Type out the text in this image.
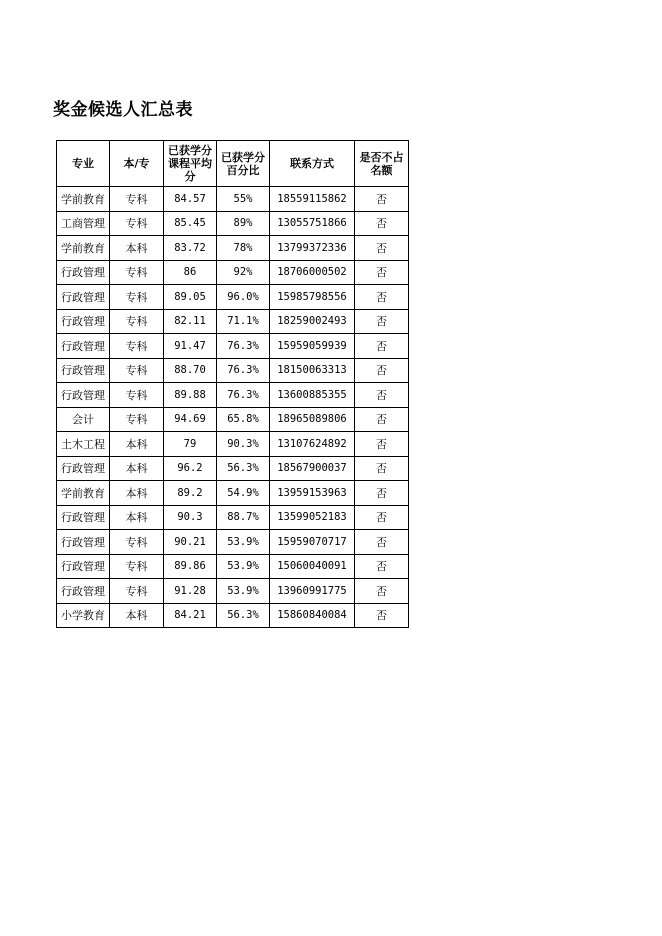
奖金候选人汇总表
专业	本/专	已获学分课程平均分	已获学分百分比	联系方式	是否不占名额
学前教育	专科	84.57	55%	18559115862	否
工商管理	专科	85.45	89%	13055751866	否
学前教育	本科	83.72	78%	13799372336	否
行政管理	专科	86	92%	18706000502	否
行政管理	专科	89.05	96.0%	15985798556	否
行政管理	专科	82.11	71.1%	18259002493	否
行政管理	专科	91.47	76.3%	15959059939	否
行政管理	专科	88.70	76.3%	18150063313	否
行政管理	专科	89.88	76.3%	13600885355	否
会计	专科	94.69	65.8%	18965089806	否
土木工程	本科	79	90.3%	13107624892	否
行政管理	本科	96.2	56.3%	18567900037	否
学前教育	本科	89.2	54.9%	13959153963	否
行政管理	本科	90.3	88.7%	13599052183	否
行政管理	专科	90.21	53.9%	15959070717	否
行政管理	专科	89.86	53.9%	15060040091	否
行政管理	专科	91.28	53.9%	13960991775	否
小学教育	本科	84.21	56.3%	15860840084	否
